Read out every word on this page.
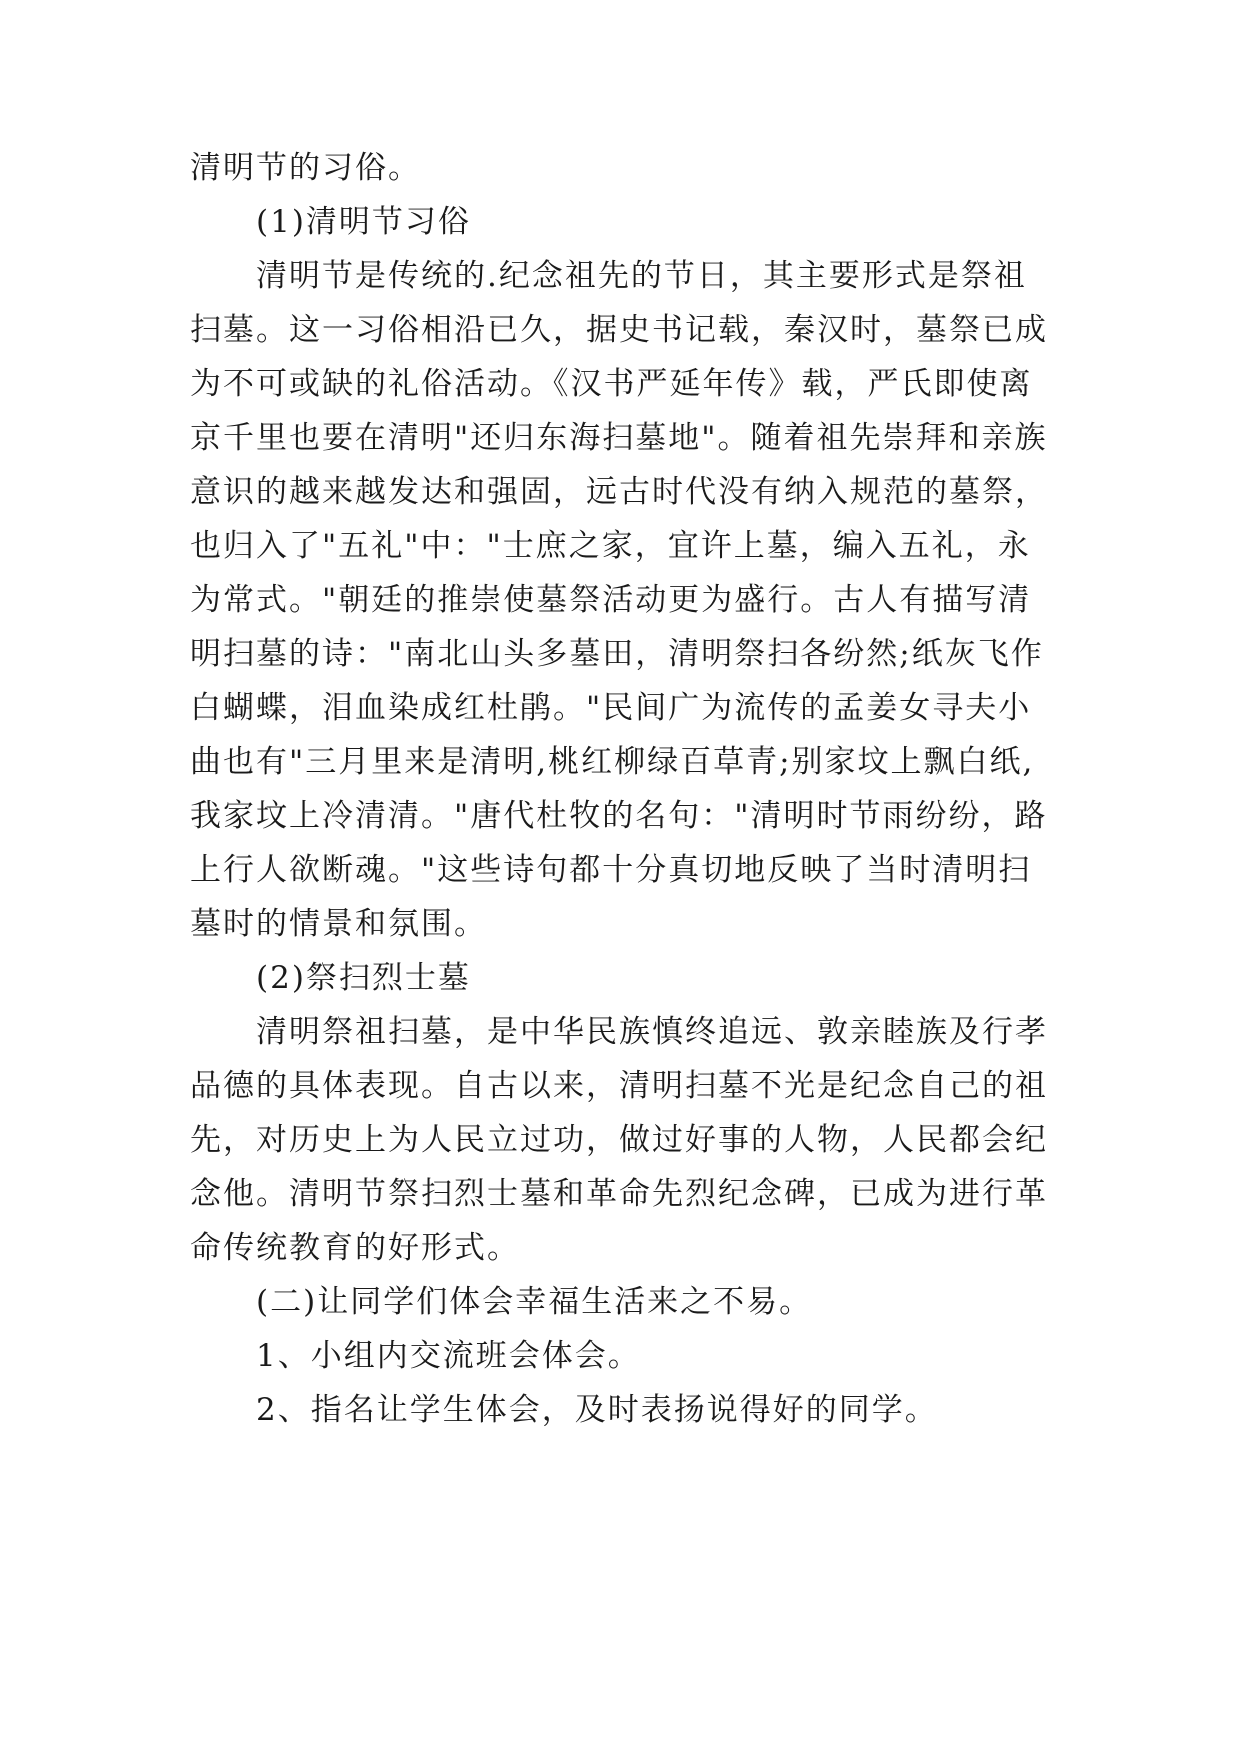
清明节的习俗。
(1)清明节习俗
清明节是传统的.纪念祖先的节日，其主要形式是祭祖
扫墓。这一习俗相沿已久，据史书记载，秦汉时，墓祭已成
为不可或缺的礼俗活动。《汉书严延年传》载，严氏即使离
京千里也要在清明"还归东海扫墓地"。随着祖先崇拜和亲族
意识的越来越发达和强固，远古时代没有纳入规范的墓祭，
也归入了"五礼"中："士庶之家，宜许上墓，编入五礼，永
为常式。"朝廷的推崇使墓祭活动更为盛行。古人有描写清
明扫墓的诗："南北山头多墓田，清明祭扫各纷然;纸灰飞作
白蝴蝶，泪血染成红杜鹃。"民间广为流传的孟姜女寻夫小
曲也有"三月里来是清明,桃红柳绿百草青;别家坟上飘白纸,
我家坟上冷清清。"唐代杜牧的名句："清明时节雨纷纷，路
上行人欲断魂。"这些诗句都十分真切地反映了当时清明扫
墓时的情景和氛围。
(2)祭扫烈士墓
清明祭祖扫墓，是中华民族慎终追远、敦亲睦族及行孝
品德的具体表现。自古以来，清明扫墓不光是纪念自己的祖
先，对历史上为人民立过功，做过好事的人物，人民都会纪
念他。清明节祭扫烈士墓和革命先烈纪念碑，已成为进行革
命传统教育的好形式。
(二)让同学们体会幸福生活来之不易。
1、小组内交流班会体会。
2、指名让学生体会，及时表扬说得好的同学。
